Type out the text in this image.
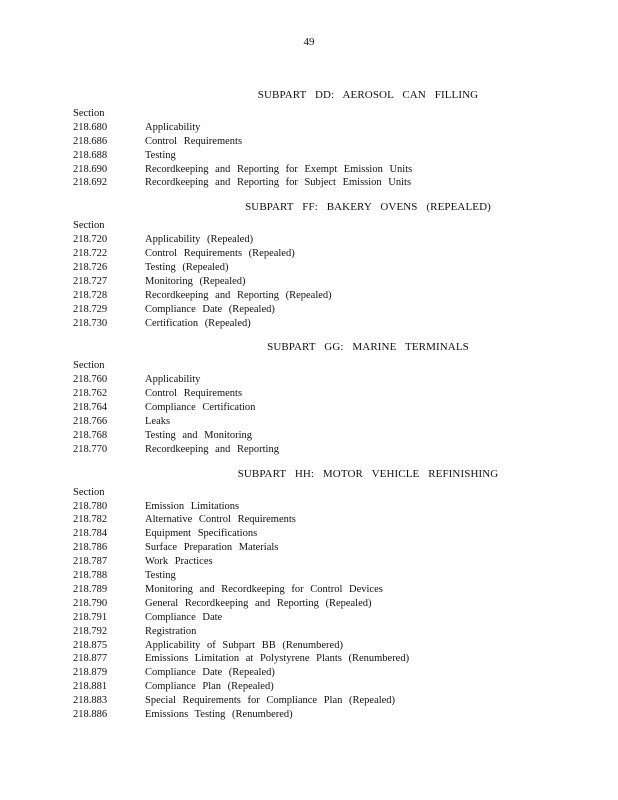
49
SUBPART DD: AEROSOL CAN FILLING
Section
218.680	Applicability
218.686	Control Requirements
218.688	Testing
218.690	Recordkeeping and Reporting for Exempt Emission Units
218.692	Recordkeeping and Reporting for Subject Emission Units
SUBPART FF: BAKERY OVENS (REPEALED)
Section
218.720	Applicability (Repealed)
218.722	Control Requirements (Repealed)
218.726	Testing (Repealed)
218.727	Monitoring (Repealed)
218.728	Recordkeeping and Reporting (Repealed)
218.729	Compliance Date (Repealed)
218.730	Certification (Repealed)
SUBPART GG: MARINE TERMINALS
Section
218.760	Applicability
218.762	Control Requirements
218.764	Compliance Certification
218.766	Leaks
218.768	Testing and Monitoring
218.770	Recordkeeping and Reporting
SUBPART HH: MOTOR VEHICLE REFINISHING
Section
218.780	Emission Limitations
218.782	Alternative Control Requirements
218.784	Equipment Specifications
218.786	Surface Preparation Materials
218.787	Work Practices
218.788	Testing
218.789	Monitoring and Recordkeeping for Control Devices
218.790	General Recordkeeping and Reporting (Repealed)
218.791	Compliance Date
218.792	Registration
218.875	Applicability of Subpart BB (Renumbered)
218.877	Emissions Limitation at Polystyrene Plants (Renumbered)
218.879	Compliance Date (Repealed)
218.881	Compliance Plan (Repealed)
218.883	Special Requirements for Compliance Plan (Repealed)
218.886	Emissions Testing (Renumbered)
